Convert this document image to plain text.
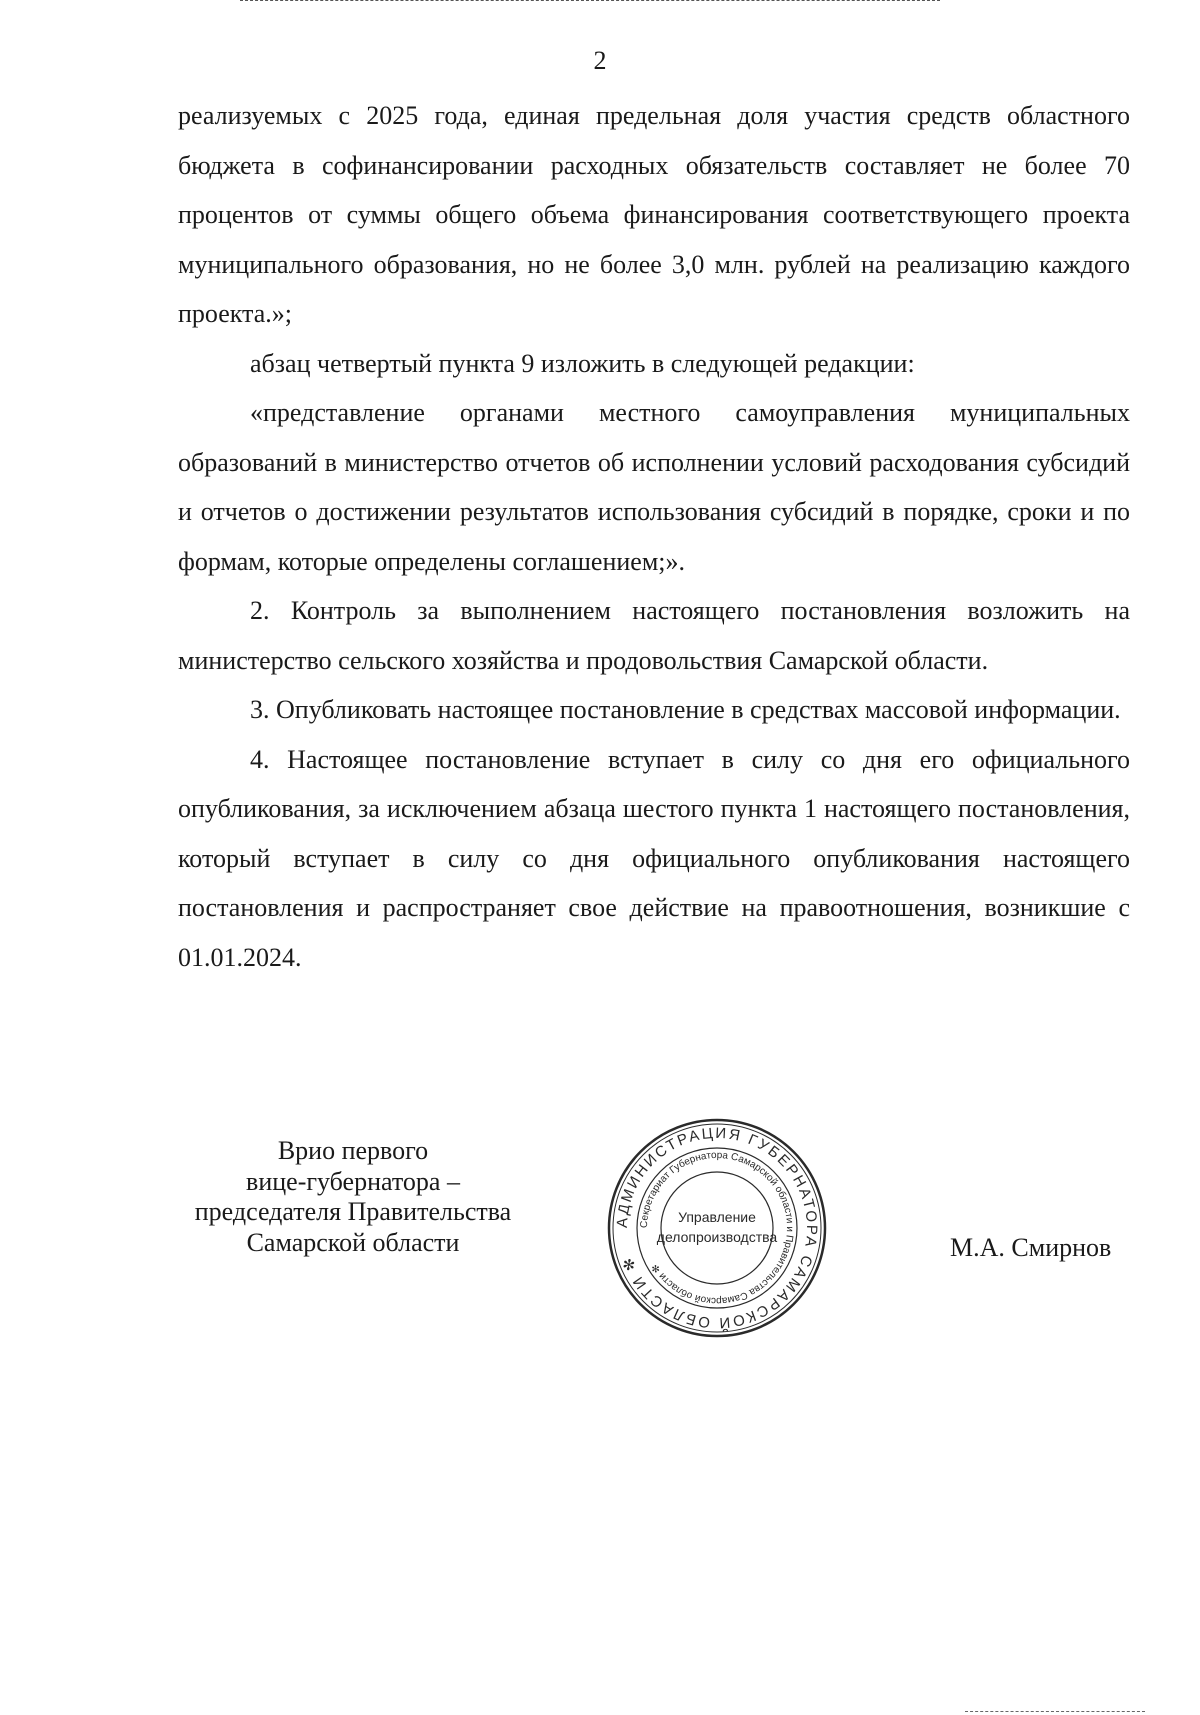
2

реализуемых с 2025 года, единая предельная доля участия средств областного бюджета в софинансировании расходных обязательств составляет не более 70 процентов от суммы общего объема финансирования соответствующего проекта муниципального образования, но не более 3,0 млн. рублей на реализацию каждого проекта.»;

абзац четвертый пункта 9 изложить в следующей редакции:

«представление органами местного самоуправления муниципальных образований в министерство отчетов об исполнении условий расходования субсидий и отчетов о достижении результатов использования субсидий в порядке, сроки и по формам, которые определены соглашением;».

2. Контроль за выполнением настоящего постановления возложить на министерство сельского хозяйства и продовольствия Самарской области.

3. Опубликовать настоящее постановление в средствах массовой информации.

4. Настоящее постановление вступает в силу со дня его официального опубликования, за исключением абзаца шестого пункта 1 настоящего постановления, который вступает в силу со дня официального опубликования настоящего постановления и распространяет свое действие на правоотношения, возникшие с 01.01.2024.

Врио первого
вице-губернатора –
председателя Правительства
Самарской области
АДМИНИСТРАЦИЯ ГУБЕРНАТОРА САМАРСКОЙ ОБЛАСТИ ✻
Секретариат Губернатора Самарской области и Правительства Самарской области ✻
Управление
делопроизводства	М.А. Смирнов
